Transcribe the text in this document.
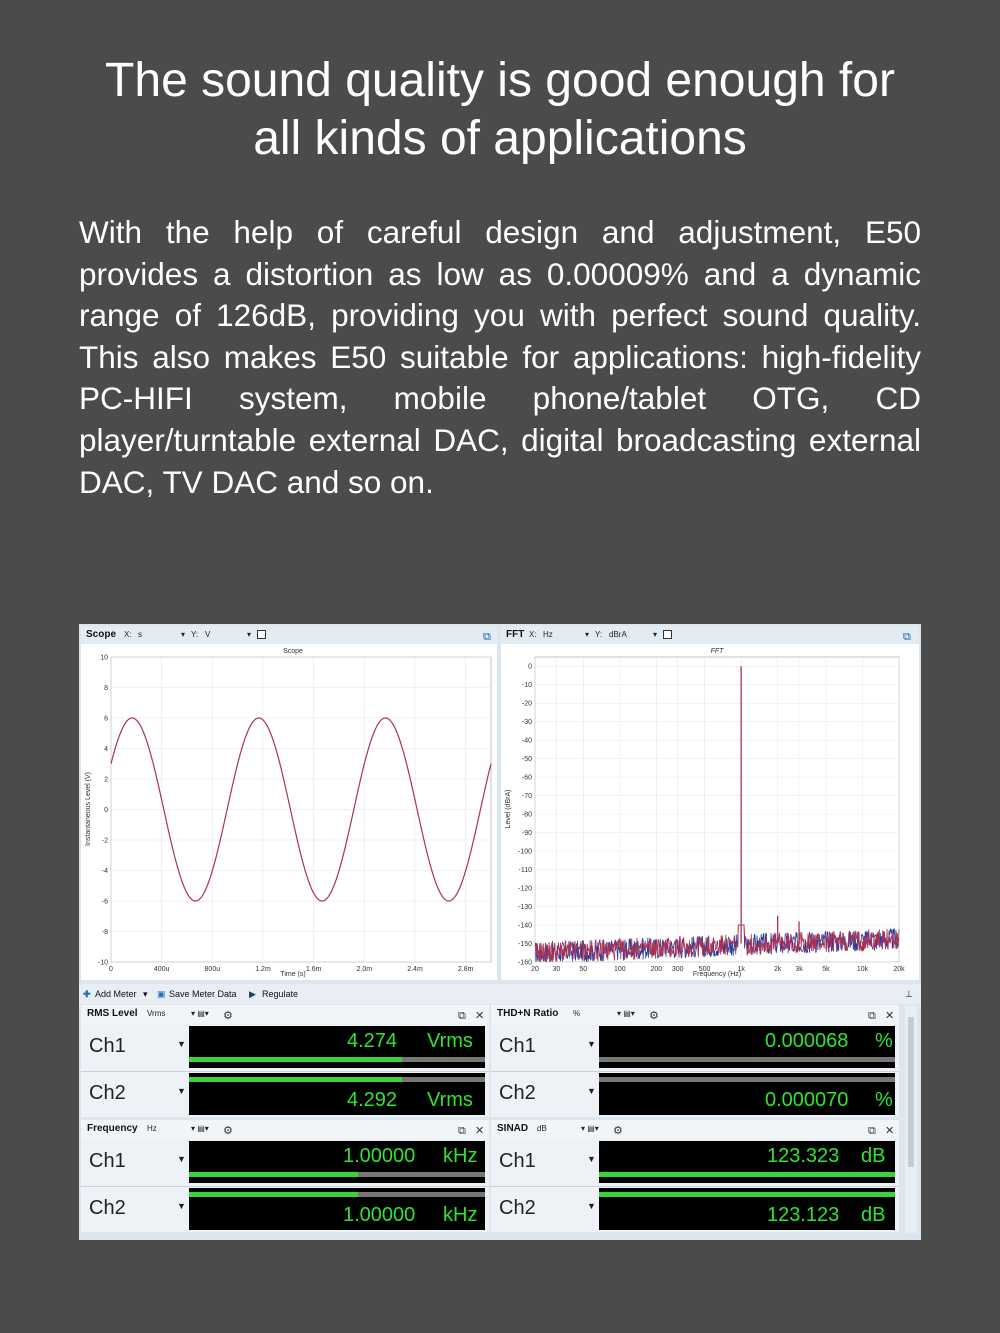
The sound quality is good enough for
all kinds of applications

With the help of careful design and adjustment, E50 provides a distortion as low as 0.00009% and a dynamic range of 126dB, providing you with perfect sound quality. This also makes E50 suitable for applications: high-fidelity PC-HIFI system, mobile phone/tablet OTG, CD player/turntable external DAC, digital broadcasting external DAC, TV DAC and so on.

Scope X: s	▾ Y: V	▾	⧉
Scope
10
8
6
4
2
0
-2
-4
-6
-8
-10
0	400u	800u	1.2m	1.6m	2.0m	2.4m	2.8m
Time (s)
Instantaneous Level (V)
FFT X: Hz	▾ Y: dBrA	▾	⧉
FFT
0
-10
-20
-30
-40
-50
-60
-70
-80
-90
-100
-110
-120
-130
-140
-150
-160
20 30	50	100	200 300 500	1k	2k 3k	5k	10k	20k
Frequency (Hz)
Level (dBrA)
✚ Add Meter ▾ ▣ Save Meter Data ▶ Regulate	⊥
RMS Level Vrms	▾ ▤▾ ⚙	⧉ ✕
Ch1	▼	4.274 Vrms
Ch2	▼	4.292 Vrms
THD+N Ratio %	▾ ▤▾ ⚙	⧉ ✕
Ch1	▼	0.000068 %
Ch2	▼	0.000070 %
Frequency Hz	▾ ▤▾ ⚙	⧉ ✕
Ch1	▼	1.00000 kHz
Ch2	▼	1.00000 kHz
SINAD dB	▾ ▤▾ ⚙	⧉ ✕
Ch1	▼	123.323 dB
Ch2	▼	123.123 dB
